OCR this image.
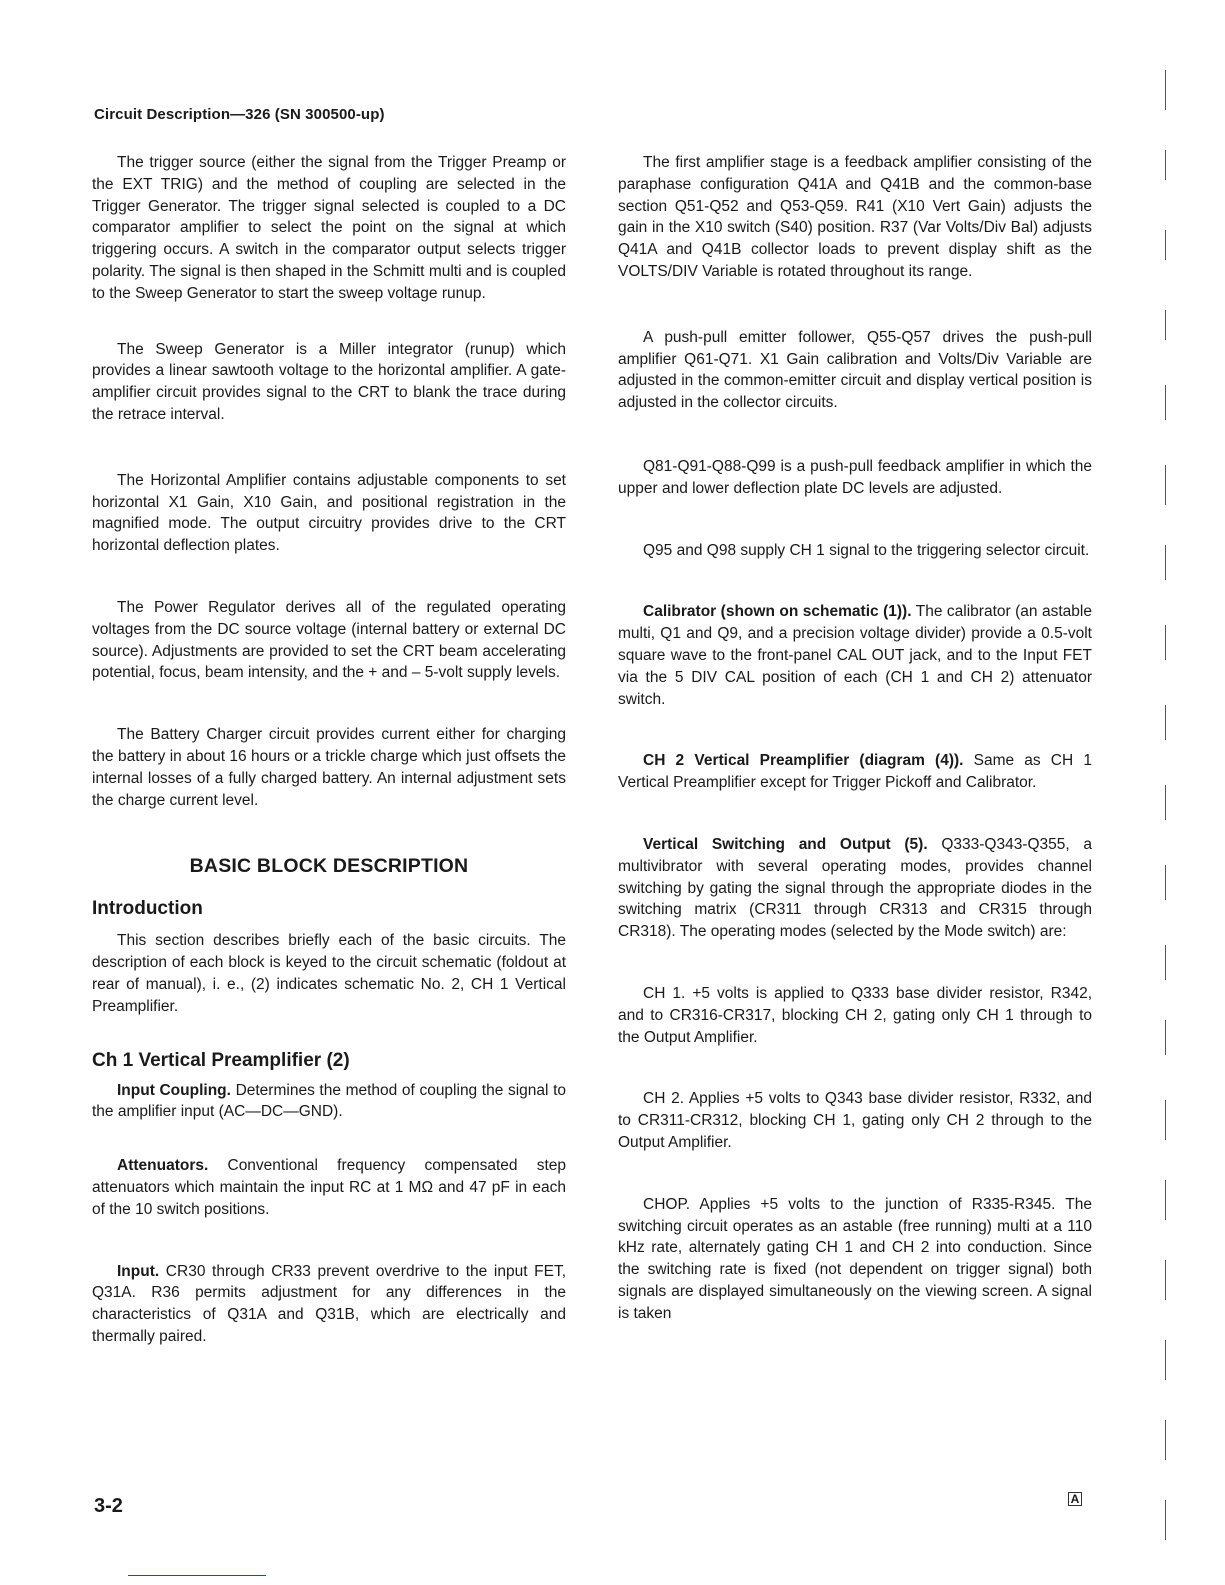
Circuit Description—326 (SN 300500-up)

The trigger source (either the signal from the Trigger Preamp or the EXT TRIG) and the method of coupling are selected in the Trigger Generator. The trigger signal selected is coupled to a DC comparator amplifier to select the point on the signal at which triggering occurs. A switch in the comparator output selects trigger polarity. The signal is then shaped in the Schmitt multi and is coupled to the Sweep Generator to start the sweep voltage runup.

The Sweep Generator is a Miller integrator (runup) which provides a linear sawtooth voltage to the horizontal amplifier. A gate-amplifier circuit provides signal to the CRT to blank the trace during the retrace interval.

The Horizontal Amplifier contains adjustable components to set horizontal X1 Gain, X10 Gain, and positional registration in the magnified mode. The output circuitry provides drive to the CRT horizontal deflection plates.

The Power Regulator derives all of the regulated operating voltages from the DC source voltage (internal battery or external DC source). Adjustments are provided to set the CRT beam accelerating potential, focus, beam intensity, and the + and – 5-volt supply levels.

The Battery Charger circuit provides current either for charging the battery in about 16 hours or a trickle charge which just offsets the internal losses of a fully charged battery. An internal adjustment sets the charge current level.

BASIC BLOCK DESCRIPTION
Introduction

This section describes briefly each of the basic circuits. The description of each block is keyed to the circuit schematic (foldout at rear of manual), i. e., (2) indicates schematic No. 2, CH 1 Vertical Preamplifier.

Ch 1 Vertical Preamplifier (2)

Input Coupling. Determines the method of coupling the signal to the amplifier input (AC—DC—GND).

Attenuators. Conventional frequency compensated step attenuators which maintain the input RC at 1 MΩ and 47 pF in each of the 10 switch positions.

Input. CR30 through CR33 prevent overdrive to the input FET, Q31A. R36 permits adjustment for any differences in the characteristics of Q31A and Q31B, which are electrically and thermally paired.

The first amplifier stage is a feedback amplifier consisting of the paraphase configuration Q41A and Q41B and the common-base section Q51-Q52 and Q53-Q59. R41 (X10 Vert Gain) adjusts the gain in the X10 switch (S40) position. R37 (Var Volts/Div Bal) adjusts Q41A and Q41B collector loads to prevent display shift as the VOLTS/DIV Variable is rotated throughout its range.

A push-pull emitter follower, Q55-Q57 drives the push-pull amplifier Q61-Q71. X1 Gain calibration and Volts/Div Variable are adjusted in the common-emitter circuit and display vertical position is adjusted in the collector circuits.

Q81-Q91-Q88-Q99 is a push-pull feedback amplifier in which the upper and lower deflection plate DC levels are adjusted.

Q95 and Q98 supply CH 1 signal to the triggering selector circuit.

Calibrator (shown on schematic (1)). The calibrator (an astable multi, Q1 and Q9, and a precision voltage divider) provide a 0.5-volt square wave to the front-panel CAL OUT jack, and to the Input FET via the 5 DIV CAL position of each (CH 1 and CH 2) attenuator switch.

CH 2 Vertical Preamplifier (diagram (4)). Same as CH 1 Vertical Preamplifier except for Trigger Pickoff and Calibrator.

Vertical Switching and Output (5). Q333-Q343-Q355, a multivibrator with several operating modes, provides channel switching by gating the signal through the appropriate diodes in the switching matrix (CR311 through CR313 and CR315 through CR318). The operating modes (selected by the Mode switch) are:

CH 1. +5 volts is applied to Q333 base divider resistor, R342, and to CR316-CR317, blocking CH 2, gating only CH 1 through to the Output Amplifier.

CH 2. Applies +5 volts to Q343 base divider resistor, R332, and to CR311-CR312, blocking CH 1, gating only CH 2 through to the Output Amplifier.

CHOP. Applies +5 volts to the junction of R335-R345. The switching circuit operates as an astable (free running) multi at a 110 kHz rate, alternately gating CH 1 and CH 2 into conduction. Since the switching rate is fixed (not dependent on trigger signal) both signals are displayed simultaneously on the viewing screen. A signal is taken

3-2	A
